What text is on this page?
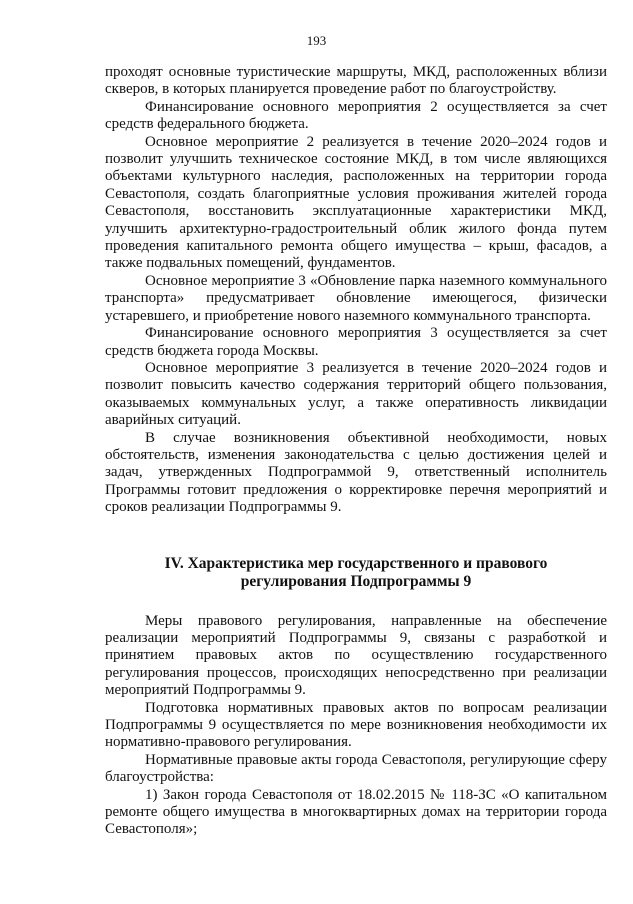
193

проходят основные туристические маршруты, МКД, расположенных вблизи скверов, в которых планируется проведение работ по благоустройству.

Финансирование основного мероприятия 2 осуществляется за счет средств федерального бюджета.

Основное мероприятие 2 реализуется в течение 2020–2024 годов и позволит улучшить техническое состояние МКД, в том числе являющихся объектами культурного наследия, расположенных на территории города Севастополя, создать благоприятные условия проживания жителей города Севастополя, восстановить эксплуатационные характеристики МКД, улучшить архитектурно-градостроительный облик жилого фонда путем проведения капитального ремонта общего имущества – крыш, фасадов, а также подвальных помещений, фундаментов.

Основное мероприятие 3 «Обновление парка наземного коммунального транспорта» предусматривает обновление имеющегося, физически устаревшего, и приобретение нового наземного коммунального транспорта.

Финансирование основного мероприятия 3 осуществляется за счет средств бюджета города Москвы.

Основное мероприятие 3 реализуется в течение 2020–2024 годов и позволит повысить качество содержания территорий общего пользования, оказываемых коммунальных услуг, а также оперативность ликвидации аварийных ситуаций.

В случае возникновения объективной необходимости, новых обстоятельств, изменения законодательства с целью достижения целей и задач, утвержденных Подпрограммой 9, ответственный исполнитель Программы готовит предложения о корректировке перечня мероприятий и сроков реализации Подпрограммы 9.

IV. Характеристика мер государственного и правового
регулирования Подпрограммы 9

Меры правового регулирования, направленные на обеспечение реализации мероприятий Подпрограммы 9, связаны с разработкой и принятием правовых актов по осуществлению государственного регулирования процессов, происходящих непосредственно при реализации мероприятий Подпрограммы 9.

Подготовка нормативных правовых актов по вопросам реализации Подпрограммы 9 осуществляется по мере возникновения необходимости их нормативно-правового регулирования.

Нормативные правовые акты города Севастополя, регулирующие сферу благоустройства:

1) Закон города Севастополя от 18.02.2015 № 118-ЗС «О капитальном ремонте общего имущества в многоквартирных домах на территории города Севастополя»;
